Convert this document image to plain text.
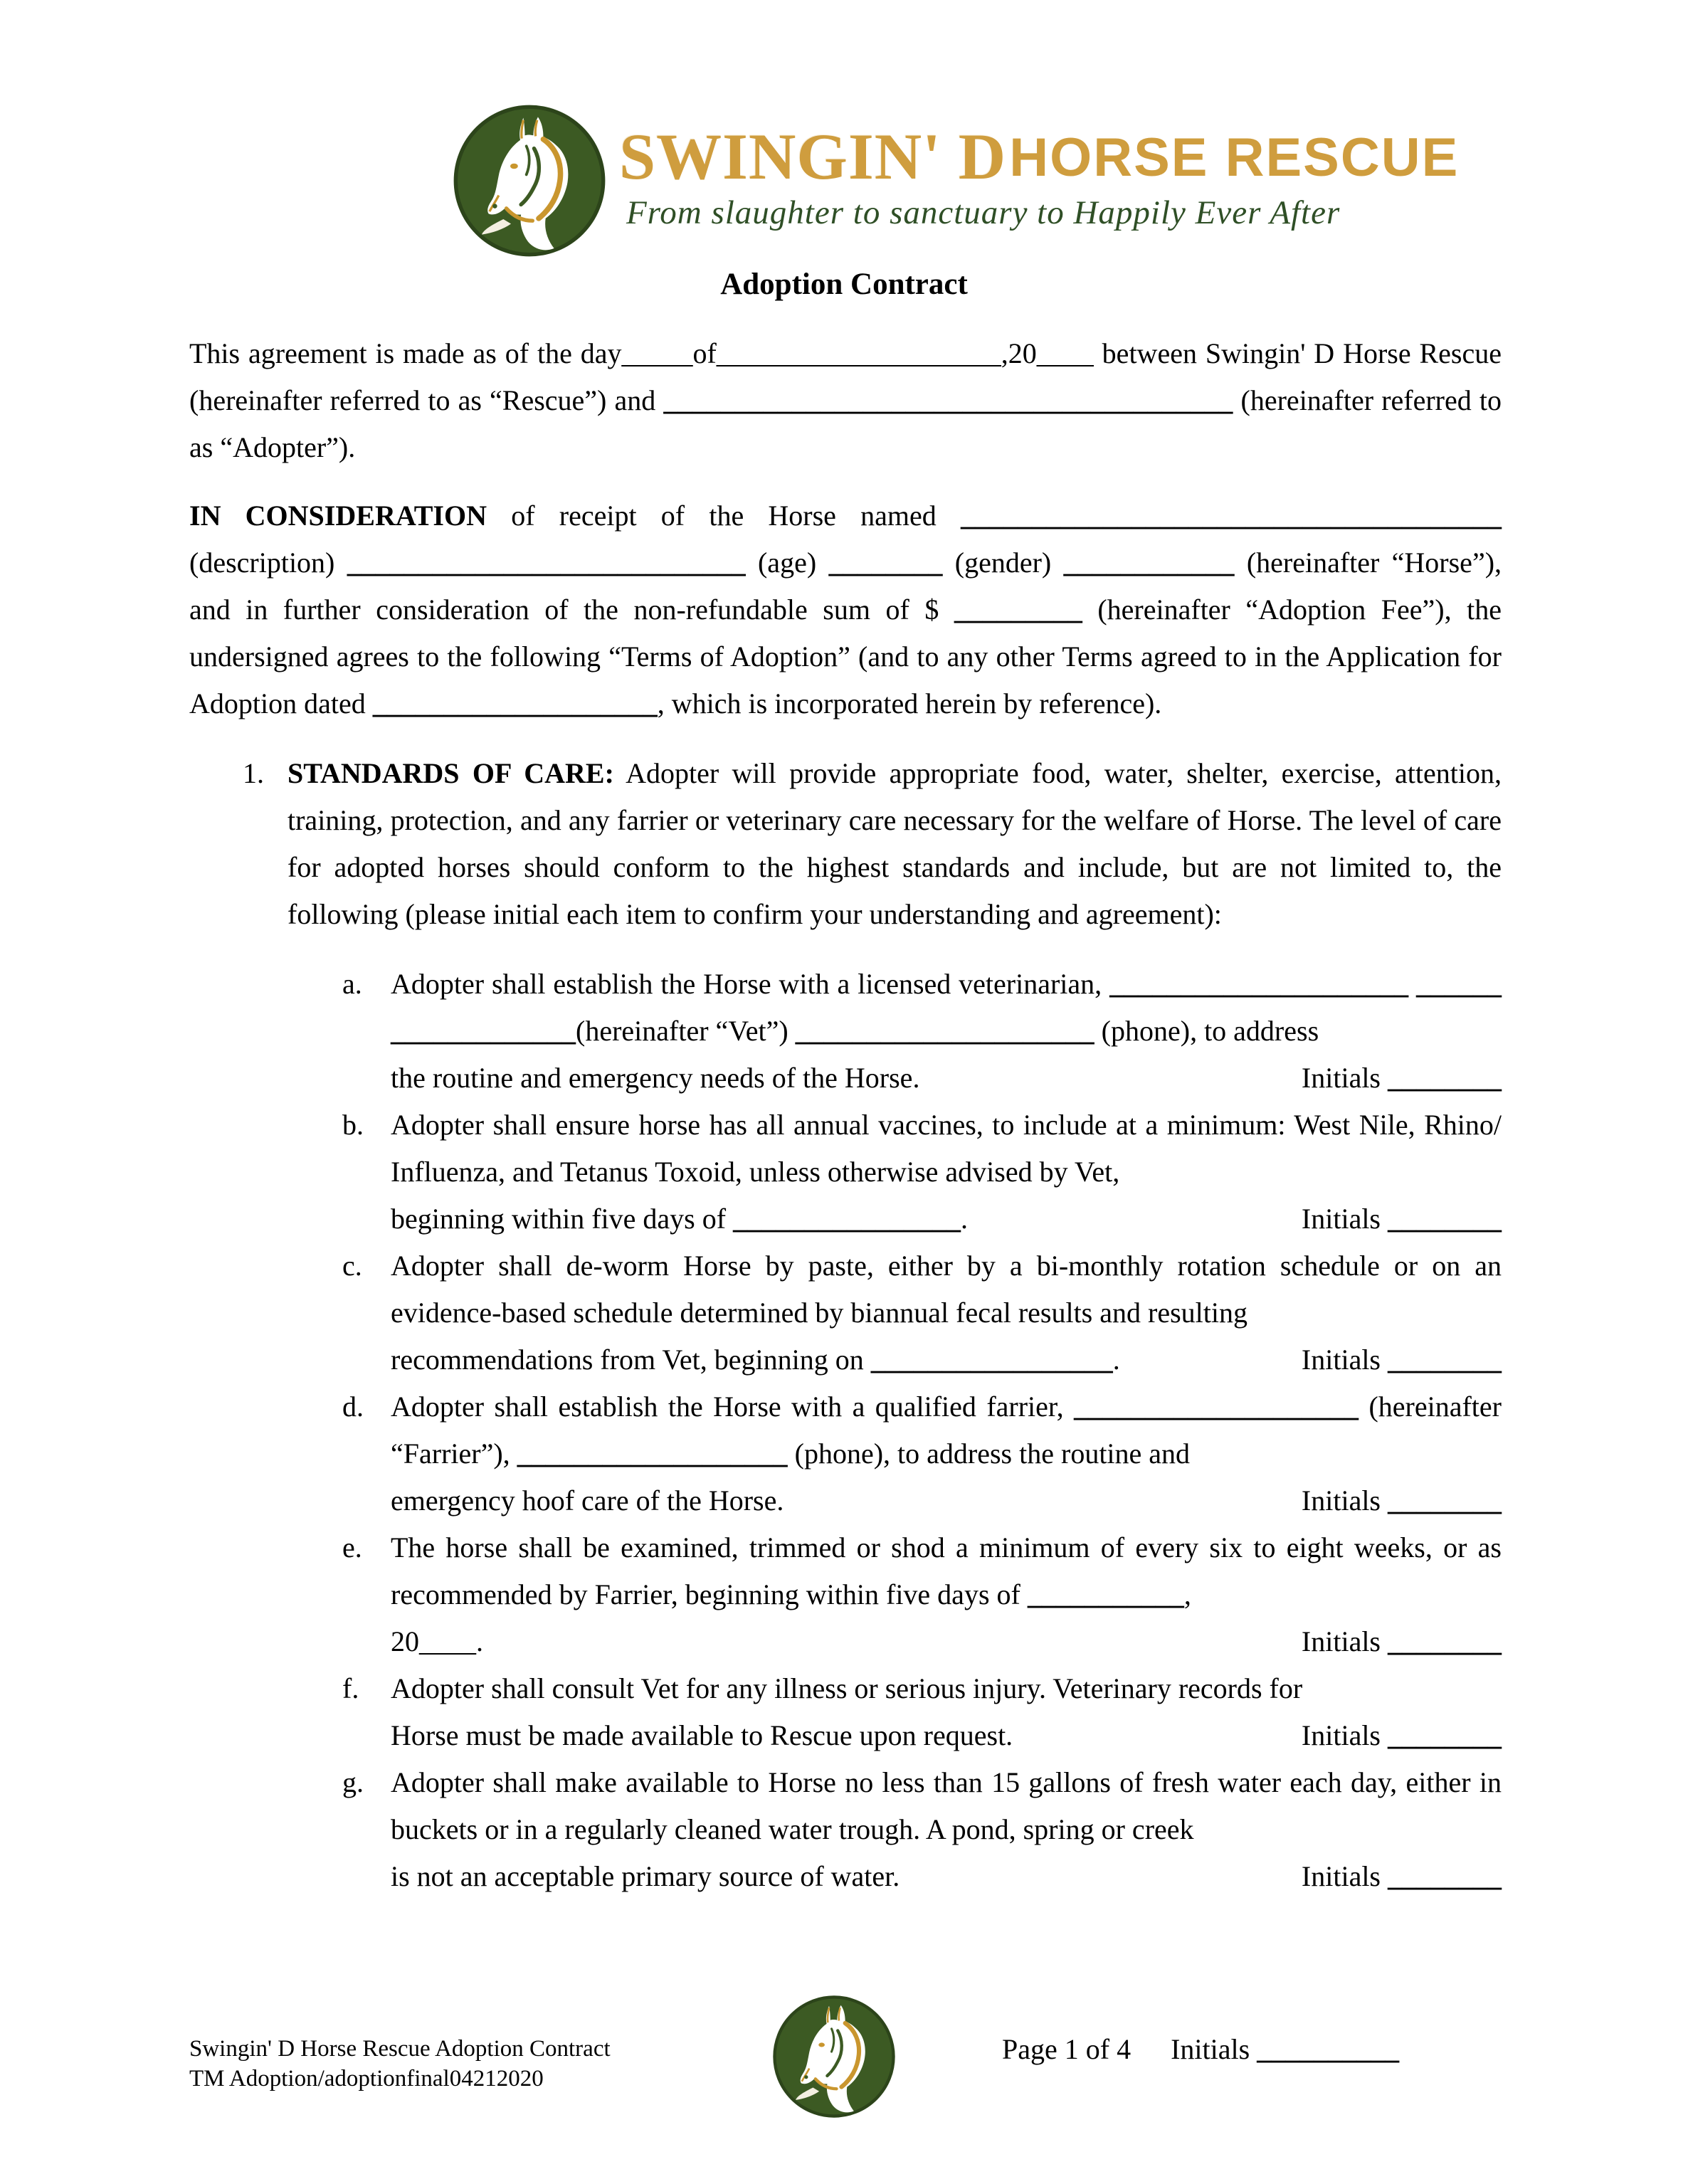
SWINGIN' D HORSE RESCUE
From slaughter to sanctuary to Happily Ever After
Adoption Contract

This agreement is made as of the day_____of____________________,20____ between Swingin' D Horse Rescue (hereinafter referred to as “Rescue”) and ________________________________________ (hereinafter referred to as “Adopter”).

IN CONSIDERATION of receipt of the Horse named ______________________________________ (description) ____________________________ (age) ________ (gender) ____________ (hereinafter “Horse”), and in further consideration of the non-refundable sum of $ _________ (hereinafter “Adoption Fee”), the undersigned agrees to the following “Terms of Adoption” (and to any other Terms agreed to in the Application for Adoption dated ____________________, which is incorporated herein by reference).

1. STANDARDS OF CARE: Adopter will provide appropriate food, water, shelter, exercise, attention, training, protection, and any farrier or veterinary care necessary for the welfare of Horse. The level of care for adopted horses should conform to the highest standards and include, but are not limited to, the following (please initial each item to confirm your understanding and agreement):

a.	Adopter shall establish the Horse with a licensed veterinarian, _____________________ ___________________(hereinafter “Vet”) _____________________ (phone), to address
the routine and emergency needs of the Horse.	Initials ________
b. Adopter shall ensure horse has all annual vaccines, to include at a minimum: West Nile, Rhino/ Influenza, and Tetanus Toxoid, unless otherwise advised by Vet,
beginning within five days of ________________.	Initials ________
c.	Adopter shall de-worm Horse by paste, either by a bi-monthly rotation schedule or on an evidence-based schedule determined by biannual fecal results and resulting
recommendations from Vet, beginning on _________________.	Initials ________
d. Adopter shall establish the Horse with a qualified farrier, ____________________ (hereinafter “Farrier”), ___________________ (phone), to address the routine and
emergency hoof care of the Horse.	Initials ________
e.	The horse shall be examined, trimmed or shod a minimum of every six to eight weeks, or as recommended by Farrier, beginning within five days of ___________,
20____.	Initials ________
f.	Adopter shall consult Vet for any illness or serious injury. Veterinary records for
Horse must be made available to Rescue upon request.	Initials ________
g. Adopter shall make available to Horse no less than 15 gallons of fresh water each day, either in buckets or in a regularly cleaned water trough. A pond, spring or creek
is not an acceptable primary source of water.	Initials ________
Swingin' D Horse Rescue Adoption Contract
TM Adoption/adoptionfinal04212020
Page 1 of 4 Initials __________
